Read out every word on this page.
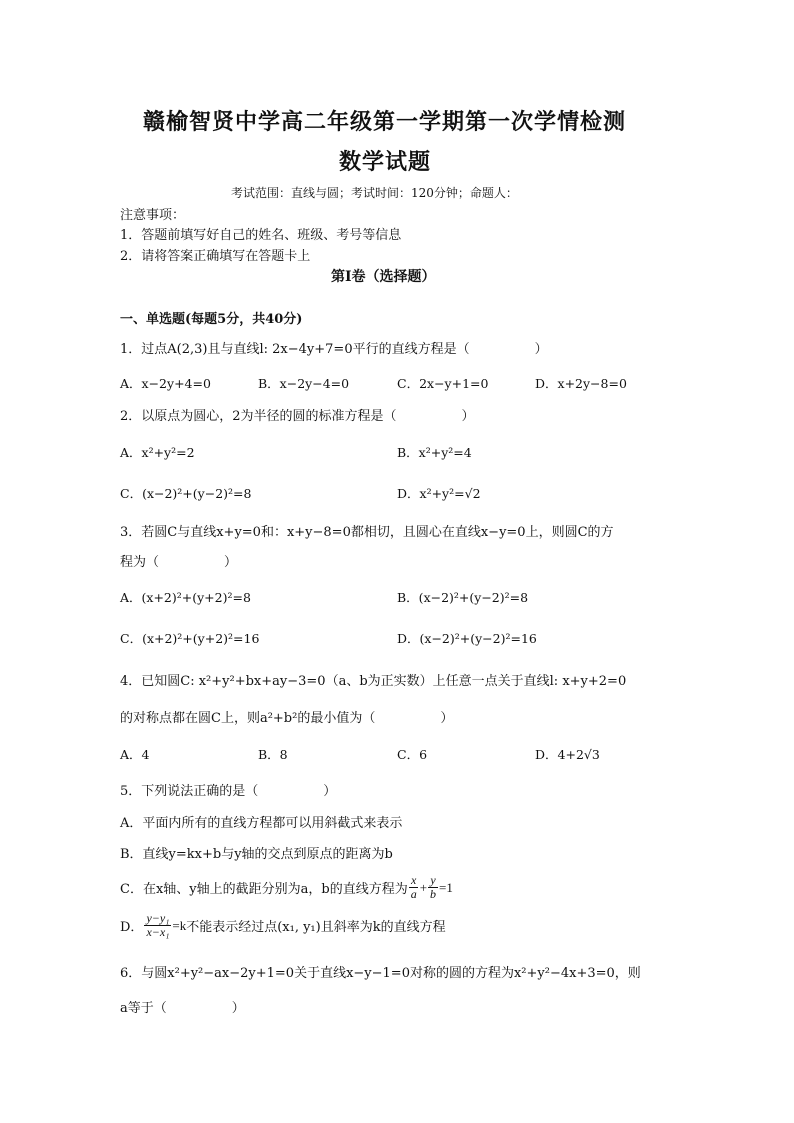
赣榆智贤中学高二年级第一学期第一次学情检测
数学试题
考试范围：直线与圆；考试时间：120分钟；命题人：
注意事项：
1．答题前填写好自己的姓名、班级、考号等信息
2．请将答案正确填写在答题卡上
第I卷（选择题）
一、单选题(每题5分，共40分)
1．过点A(2,3)且与直线l: 2x−4y+7=0平行的直线方程是（　　　　　）
A．x−2y+4=0	B．x−2y−4=0	C．2x−y+1=0	D．x+2y−8=0
2．以原点为圆心，2为半径的圆的标准方程是（　　　　　）
A．x²+y²=2	B．x²+y²=4
C．(x−2)²+(y−2)²=8	D．x²+y²=√2
3．若圆C与直线x+y=0和：x+y−8=0都相切，且圆心在直线x−y=0上，则圆C的方
程为（　　　　　）
A．(x+2)²+(y+2)²=8	B．(x−2)²+(y−2)²=8
C．(x+2)²+(y+2)²=16	D．(x−2)²+(y−2)²=16
4．已知圆C: x²+y²+bx+ay−3=0（a、b为正实数）上任意一点关于直线l: x+y+2=0
的对称点都在圆C上，则a²+b²的最小值为（　　　　　）
A．4	B．8	C．6	D．4+2√3
5．下列说法正确的是（　　　　　）
A．平面内所有的直线方程都可以用斜截式来表示
B．直线y=kx+b与y轴的交点到原点的距离为b
C．在x轴、y轴上的截距分别为a，b的直线方程为 $\frac{x}{a} + \frac{y}{b} =1$
D． $\frac{\text{y−y₁}}{\text{x−x₁}} =k$ 不能表示经过点(x₁, y₁)且斜率为k的直线方程
6．与圆x²+y²−ax−2y+1=0关于直线x−y−1=0对称的圆的方程为x²+y²−4x+3=0，则
a等于（　　　　　）
